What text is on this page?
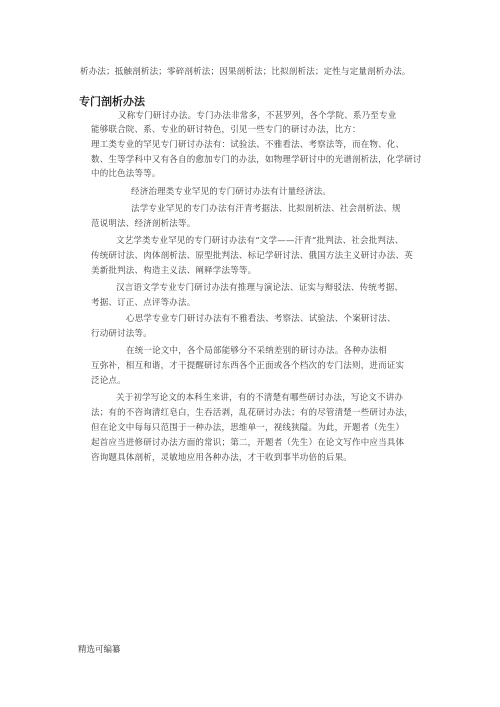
析办法；抵触剖析法；零碎剖析法；因果剖析法；比拟剖析法；定性与定量剖析办法。
专门剖析办法
又称专门研讨办法。专门办法非常多，不甚罗列，各个学院、系乃至专业
能够联合院、系、专业的研讨特色，引见一些专门的研讨办法，比方：
理工类专业的罕见专门研讨办法有：试验法、不雅看法、考察法等，而在物、化、
数、生等学科中又有各自的愈加专门的办法，如物理学研讨中的光谱剖析法，化学研讨
中的比色法等等。
经济治理类专业罕见的专门研讨办法有计量经济法。
法学专业罕见的专门办法有汗青考据法、比拟剖析法、社会剖析法、规
范说明法、经济剖析法等。
文艺学类专业罕见的专门研讨办法有“文学——汗青”批判法、社会批判法、
传统研讨法、肉体剖析法、原型批判法、标记学研讨法、俄国方法主义研讨办法、英
美新批判法、构造主义法、阐释学法等等。
汉言语文学专业专门研讨办法有推理与演论法、证实与辩驳法、传统考据、
考据、订正、点评等办法。
心思学专业专门研讨办法有不雅看法、考察法、试验法、个案研讨法、
行动研讨法等。
在统一论文中，各个局部能够分不采纳差别的研讨办法。各种办法相
互弥补，相互和谐，才干提醒研讨东西各个正面或各个档次的专门法则，进而证实
泛论点。
关于初学写论文的本科生来讲，有的不清楚有哪些研讨办法，写论文不讲办
法；有的不咨询清红皂白，生吞活剥，乱花研讨办法；有的尽管清楚一些研讨办法，
但在论文中每每只范围于一种办法，思维单一，视线狭隘。为此，开题者（先生）
起首应当进修研讨办法方面的常识；第二，开题者（先生）在论文写作中应当具体
咨询题具体剖析，灵敏地应用各种办法，才干收到事半功倍的后果。
精选可编纂
